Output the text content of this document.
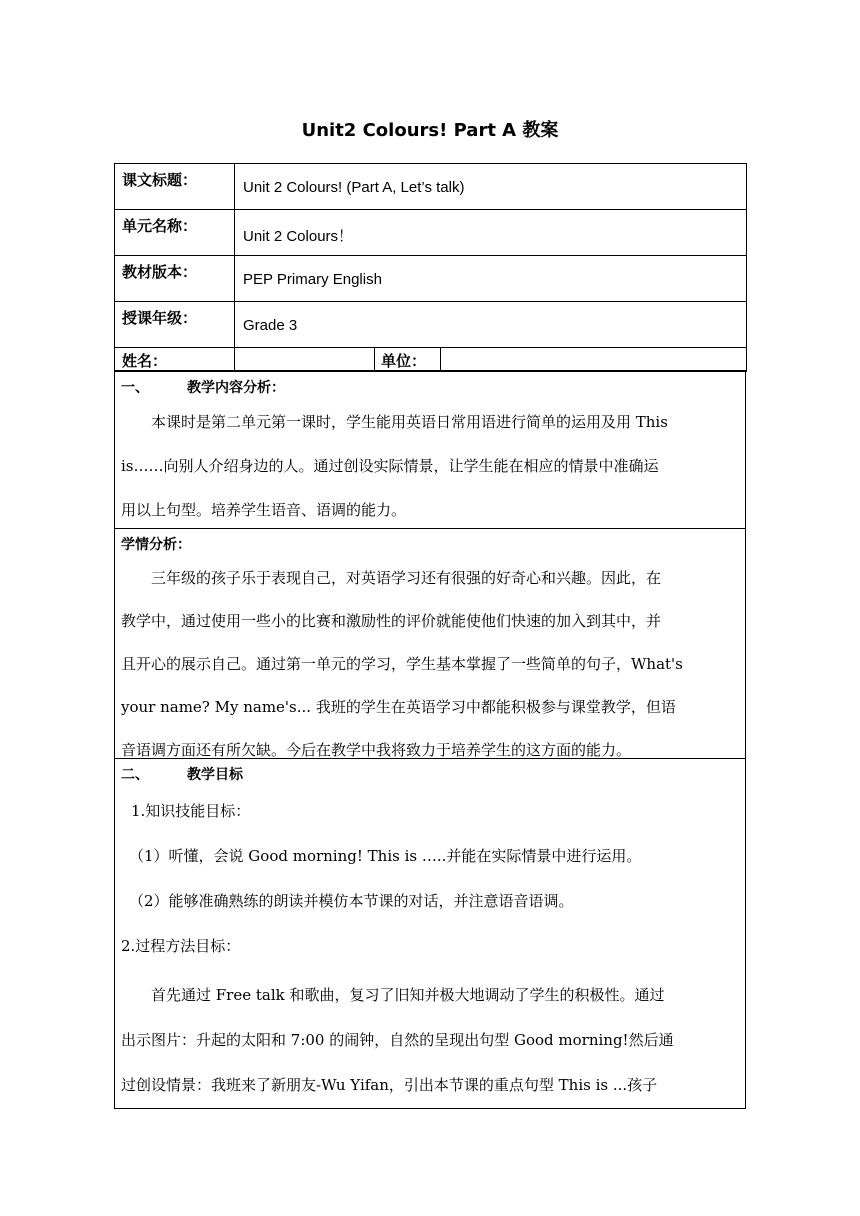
Unit2 Colours! Part A 教案
课文标题：	Unit 2 Colours! (Part A, Let’s talk)		
单元名称：	Unit 2 Colours！		
教材版本：	PEP Primary English		
授课年级：	Grade 3		
姓名：		单位：	
一、	教学内容分析：

本课时是第二单元第一课时，学生能用英语日常用语进行简单的运用及用 This

is……向别人介绍身边的人。通过创设实际情景，让学生能在相应的情景中准确运

用以上句型。培养学生语音、语调的能力。

学情分析：

三年级的孩子乐于表现自己，对英语学习还有很强的好奇心和兴趣。因此，在

教学中，通过使用一些小的比赛和激励性的评价就能使他们快速的加入到其中，并

且开心的展示自己。通过第一单元的学习，学生基本掌握了一些简单的句子，What's

your name? My name's... 我班的学生在英语学习中都能积极参与课堂教学，但语

音语调方面还有所欠缺。今后在教学中我将致力于培养学生的这方面的能力。

二、	教学目标

1.知识技能目标：

（1）听懂，会说 Good morning! This is …..并能在实际情景中进行运用。

（2）能够准确熟练的朗读并模仿本节课的对话，并注意语音语调。

2.过程方法目标：

首先通过 Free talk 和歌曲，复习了旧知并极大地调动了学生的积极性。通过

出示图片：升起的太阳和 7:00 的闹钟，自然的呈现出句型 Good morning!然后通

过创设情景：我班来了新朋友-Wu Yifan，引出本节课的重点句型 This is ...孩子
